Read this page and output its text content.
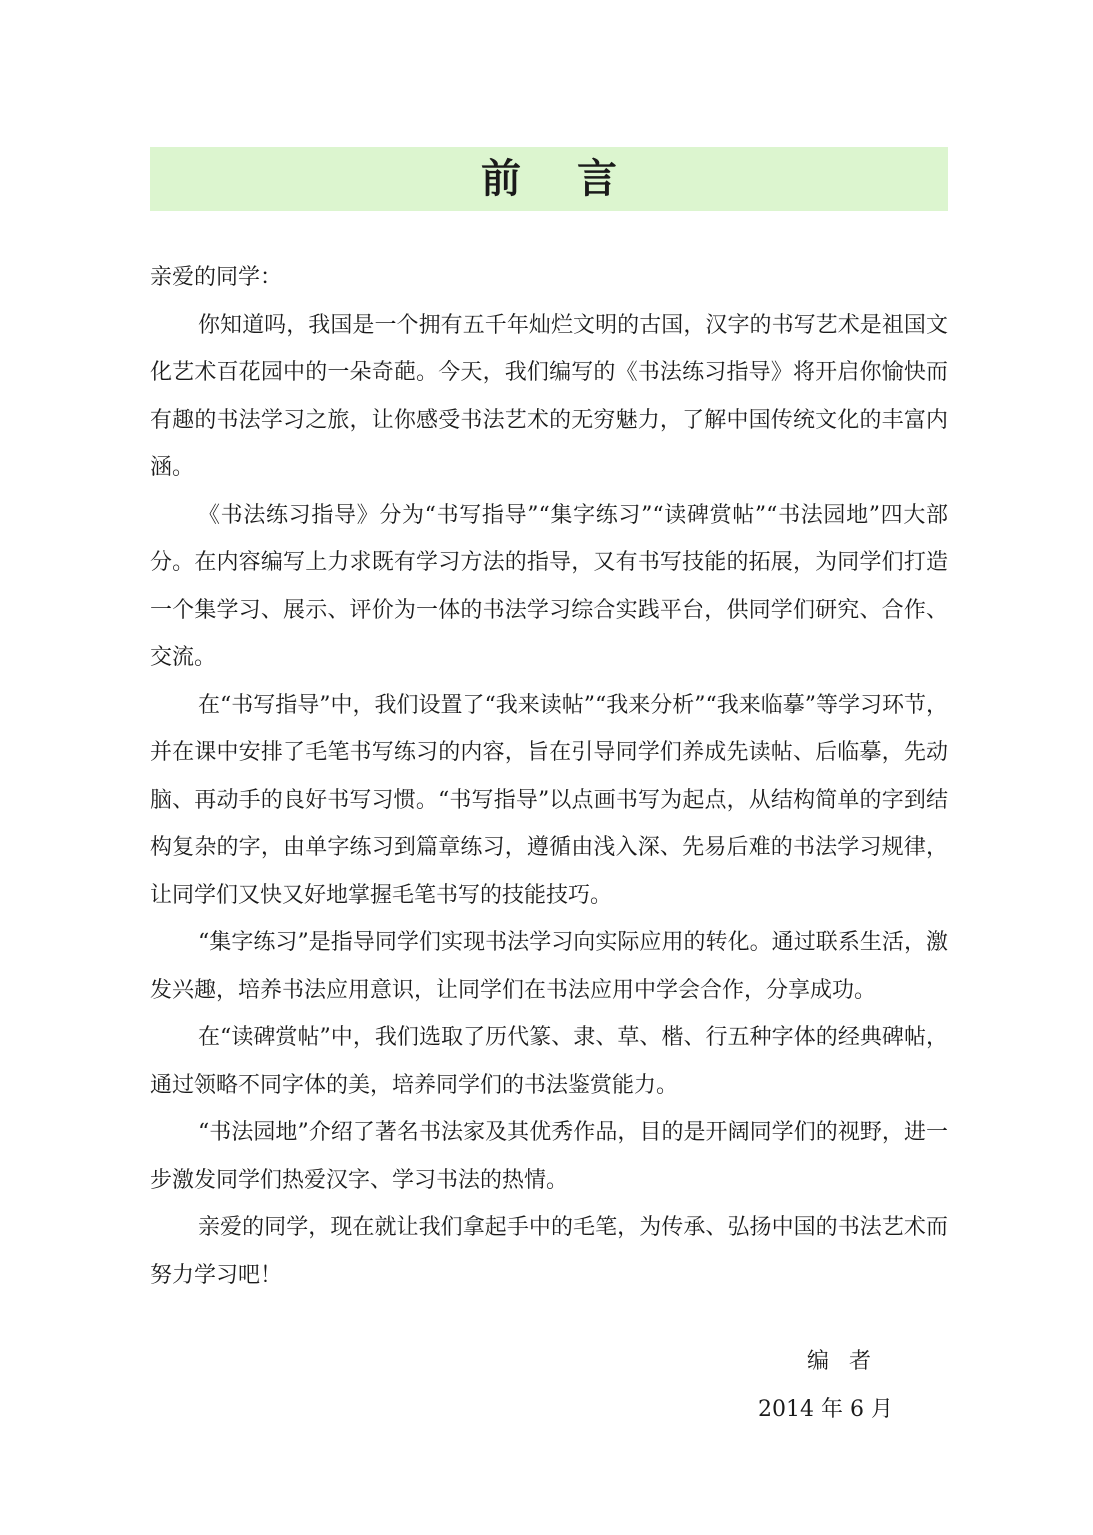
前言

亲爱的同学：

你知道吗，我国是一个拥有五千年灿烂文明的古国，汉字的书写艺术是祖国文化艺术百花园中的一朵奇葩。今天，我们编写的《书法练习指导》将开启你愉快而有趣的书法学习之旅，让你感受书法艺术的无穷魅力，了解中国传统文化的丰富内涵。

《书法练习指导》分为“书写指导”“集字练习”“读碑赏帖”“书法园地”四大部分。在内容编写上力求既有学习方法的指导，又有书写技能的拓展，为同学们打造一个集学习、展示、评价为一体的书法学习综合实践平台，供同学们研究、合作、交流。

在“书写指导”中，我们设置了“我来读帖”“我来分析”“我来临摹”等学习环节，并在课中安排了毛笔书写练习的内容，旨在引导同学们养成先读帖、后临摹，先动脑、再动手的良好书写习惯。“书写指导”以点画书写为起点，从结构简单的字到结构复杂的字，由单字练习到篇章练习，遵循由浅入深、先易后难的书法学习规律，让同学们又快又好地掌握毛笔书写的技能技巧。

“集字练习”是指导同学们实现书法学习向实际应用的转化。通过联系生活，激发兴趣，培养书法应用意识，让同学们在书法应用中学会合作，分享成功。

在“读碑赏帖”中，我们选取了历代篆、隶、草、楷、行五种字体的经典碑帖，通过领略不同字体的美，培养同学们的书法鉴赏能力。

“书法园地”介绍了著名书法家及其优秀作品，目的是开阔同学们的视野，进一步激发同学们热爱汉字、学习书法的热情。

亲爱的同学，现在就让我们拿起手中的毛笔，为传承、弘扬中国的书法艺术而努力学习吧！

编者
2014 年 6 月
